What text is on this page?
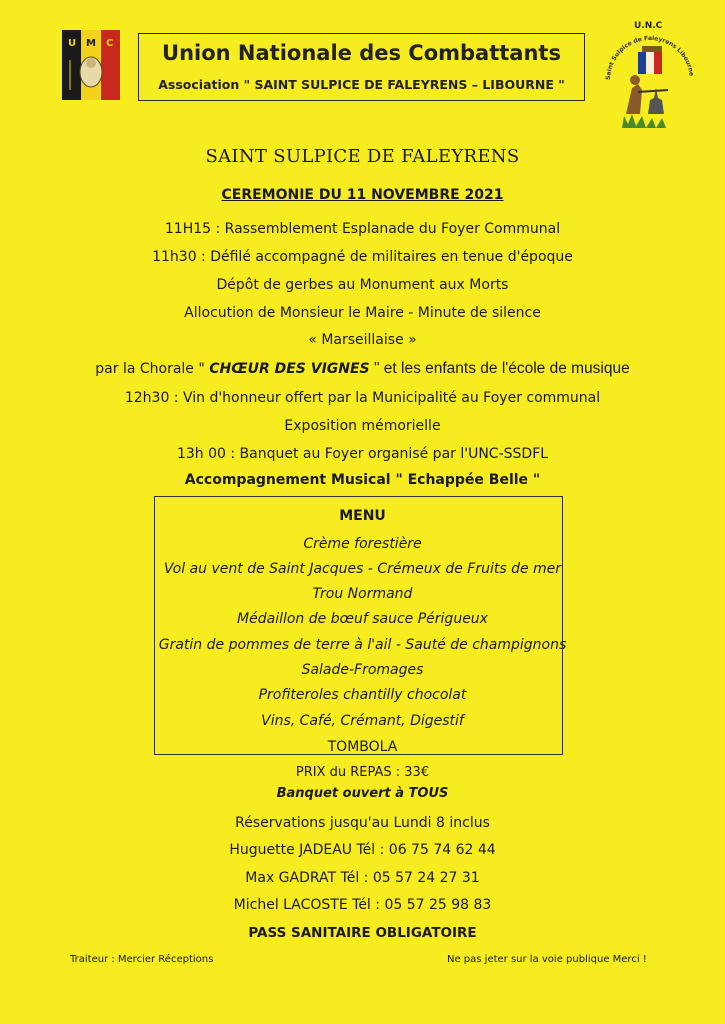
U M C	Union Nationale des Combattants
Association " SAINT SULPICE DE FALEYRENS – LIBOURNE "
U.N.C
Saint Sulpice de Faleyrens Libourne
SAINT SULPICE DE FALEYRENS
CEREMONIE DU 11 NOVEMBRE 2021
11H15 : Rassemblement Esplanade du Foyer Communal
11h30 : Défilé accompagné de militaires en tenue d'époque
Dépôt de gerbes au Monument aux Morts
Allocution de Monsieur le Maire - Minute de silence
« Marseillaise »
par la Chorale " CHŒUR DES VIGNES " et les enfants de l'école de musique
12h30 : Vin d'honneur offert par la Municipalité au Foyer communal
Exposition mémorielle
13h 00 : Banquet au Foyer organisé par l'UNC-SSDFL
Accompagnement Musical " Echappée Belle "
MENU
Crème forestière
Vol au vent de Saint Jacques - Crémeux de Fruits de mer
Trou Normand
Médaillon de bœuf sauce Périgueux
Gratin de pommes de terre à l'ail - Sauté de champignons
Salade-Fromages
Profiteroles chantilly chocolat
Vins, Café, Crémant, Digestif
TOMBOLA
PRIX du REPAS : 33€
Banquet ouvert à TOUS
Réservations jusqu'au Lundi 8 inclus
Huguette JADEAU Tél : 06 75 74 62 44
Max GADRAT Tél : 05 57 24 27 31
Michel LACOSTE Tél : 05 57 25 98 83
PASS SANITAIRE OBLIGATOIRE
Traiteur : Mercier Réceptions	Ne pas jeter sur la voie publique Merci !
